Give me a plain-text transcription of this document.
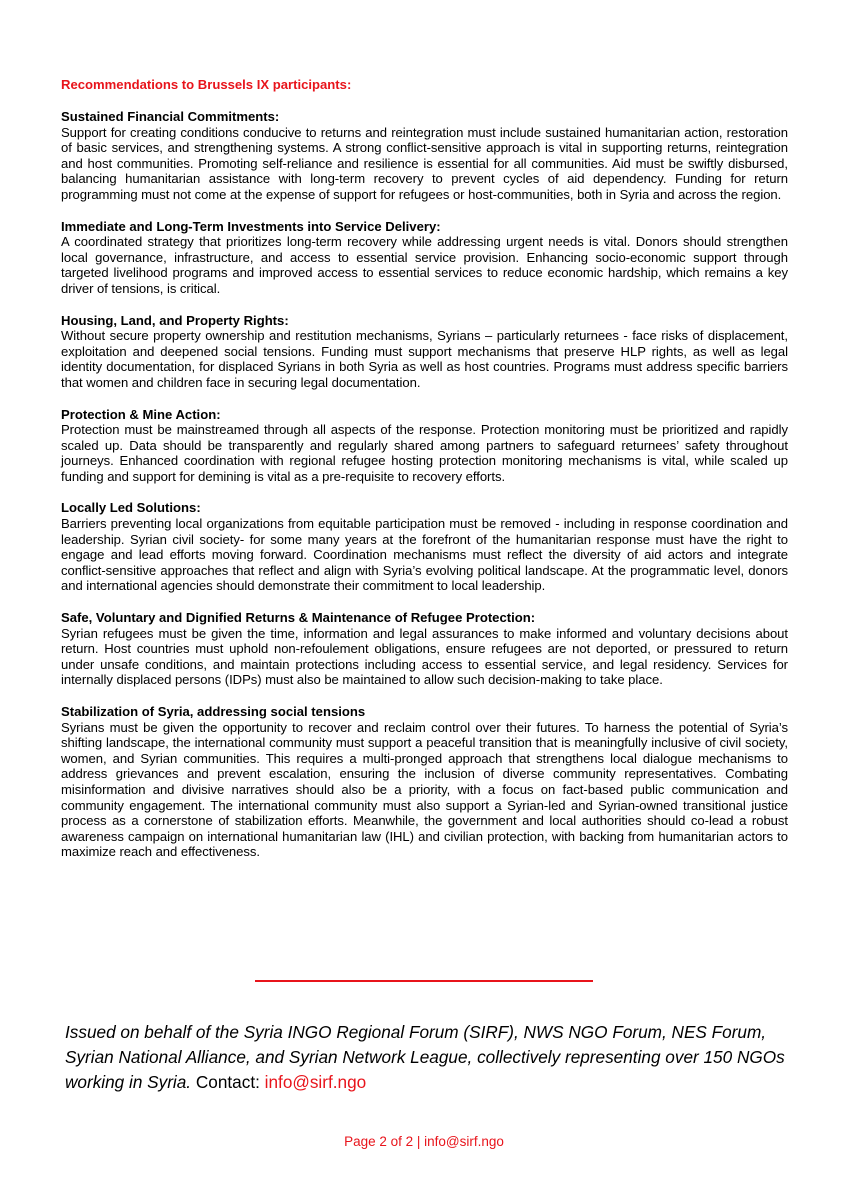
Recommendations to Brussels IX participants:
Sustained Financial Commitments:
Support for creating conditions conducive to returns and reintegration must include sustained humanitarian action, restoration of basic services, and strengthening systems. A strong conflict-sensitive approach is vital in supporting returns, reintegration and host communities. Promoting self-reliance and resilience is essential for all communities. Aid must be swiftly disbursed, balancing humanitarian assistance with long-term recovery to prevent cycles of aid dependency. Funding for return programming must not come at the expense of support for refugees or host-communities, both in Syria and across the region.
Immediate and Long-Term Investments into Service Delivery:
A coordinated strategy that prioritizes long-term recovery while addressing urgent needs is vital. Donors should strengthen local governance, infrastructure, and access to essential service provision. Enhancing socio-economic support through targeted livelihood programs and improved access to essential services to reduce economic hardship, which remains a key driver of tensions, is critical.
Housing, Land, and Property Rights:
Without secure property ownership and restitution mechanisms, Syrians – particularly returnees - face risks of displacement, exploitation and deepened social tensions. Funding must support mechanisms that preserve HLP rights, as well as legal identity documentation, for displaced Syrians in both Syria as well as host countries. Programs must address specific barriers that women and children face in securing legal documentation.
Protection & Mine Action:
Protection must be mainstreamed through all aspects of the response. Protection monitoring must be prioritized and rapidly scaled up. Data should be transparently and regularly shared among partners to safeguard returnees’ safety throughout journeys. Enhanced coordination with regional refugee hosting protection monitoring mechanisms is vital, while scaled up funding and support for demining is vital as a pre-requisite to recovery efforts.
Locally Led Solutions:
Barriers preventing local organizations from equitable participation must be removed - including in response coordination and leadership. Syrian civil society- for some many years at the forefront of the humanitarian response must have the right to engage and lead efforts moving forward. Coordination mechanisms must reflect the diversity of aid actors and integrate conflict-sensitive approaches that reflect and align with Syria’s evolving political landscape. At the programmatic level, donors and international agencies should demonstrate their commitment to local leadership.
Safe, Voluntary and Dignified Returns & Maintenance of Refugee Protection:
Syrian refugees must be given the time, information and legal assurances to make informed and voluntary decisions about return. Host countries must uphold non-refoulement obligations, ensure refugees are not deported, or pressured to return under unsafe conditions, and maintain protections including access to essential service, and legal residency. Services for internally displaced persons (IDPs) must also be maintained to allow such decision-making to take place.
Stabilization of Syria, addressing social tensions
Syrians must be given the opportunity to recover and reclaim control over their futures. To harness the potential of Syria’s shifting landscape, the international community must support a peaceful transition that is meaningfully inclusive of civil society, women, and Syrian communities. This requires a multi-pronged approach that strengthens local dialogue mechanisms to address grievances and prevent escalation, ensuring the inclusion of diverse community representatives. Combating misinformation and divisive narratives should also be a priority, with a focus on fact-based public communication and community engagement. The international community must also support a Syrian-led and Syrian-owned transitional justice process as a cornerstone of stabilization efforts. Meanwhile, the government and local authorities should co-lead a robust awareness campaign on international humanitarian law (IHL) and civilian protection, with backing from humanitarian actors to maximize reach and effectiveness.
Issued on behalf of the Syria INGO Regional Forum (SIRF), NWS NGO Forum, NES Forum, Syrian National Alliance, and Syrian Network League, collectively representing over 150 NGOs working in Syria. Contact: info@sirf.ngo
Page 2 of 2 | info@sirf.ngo
